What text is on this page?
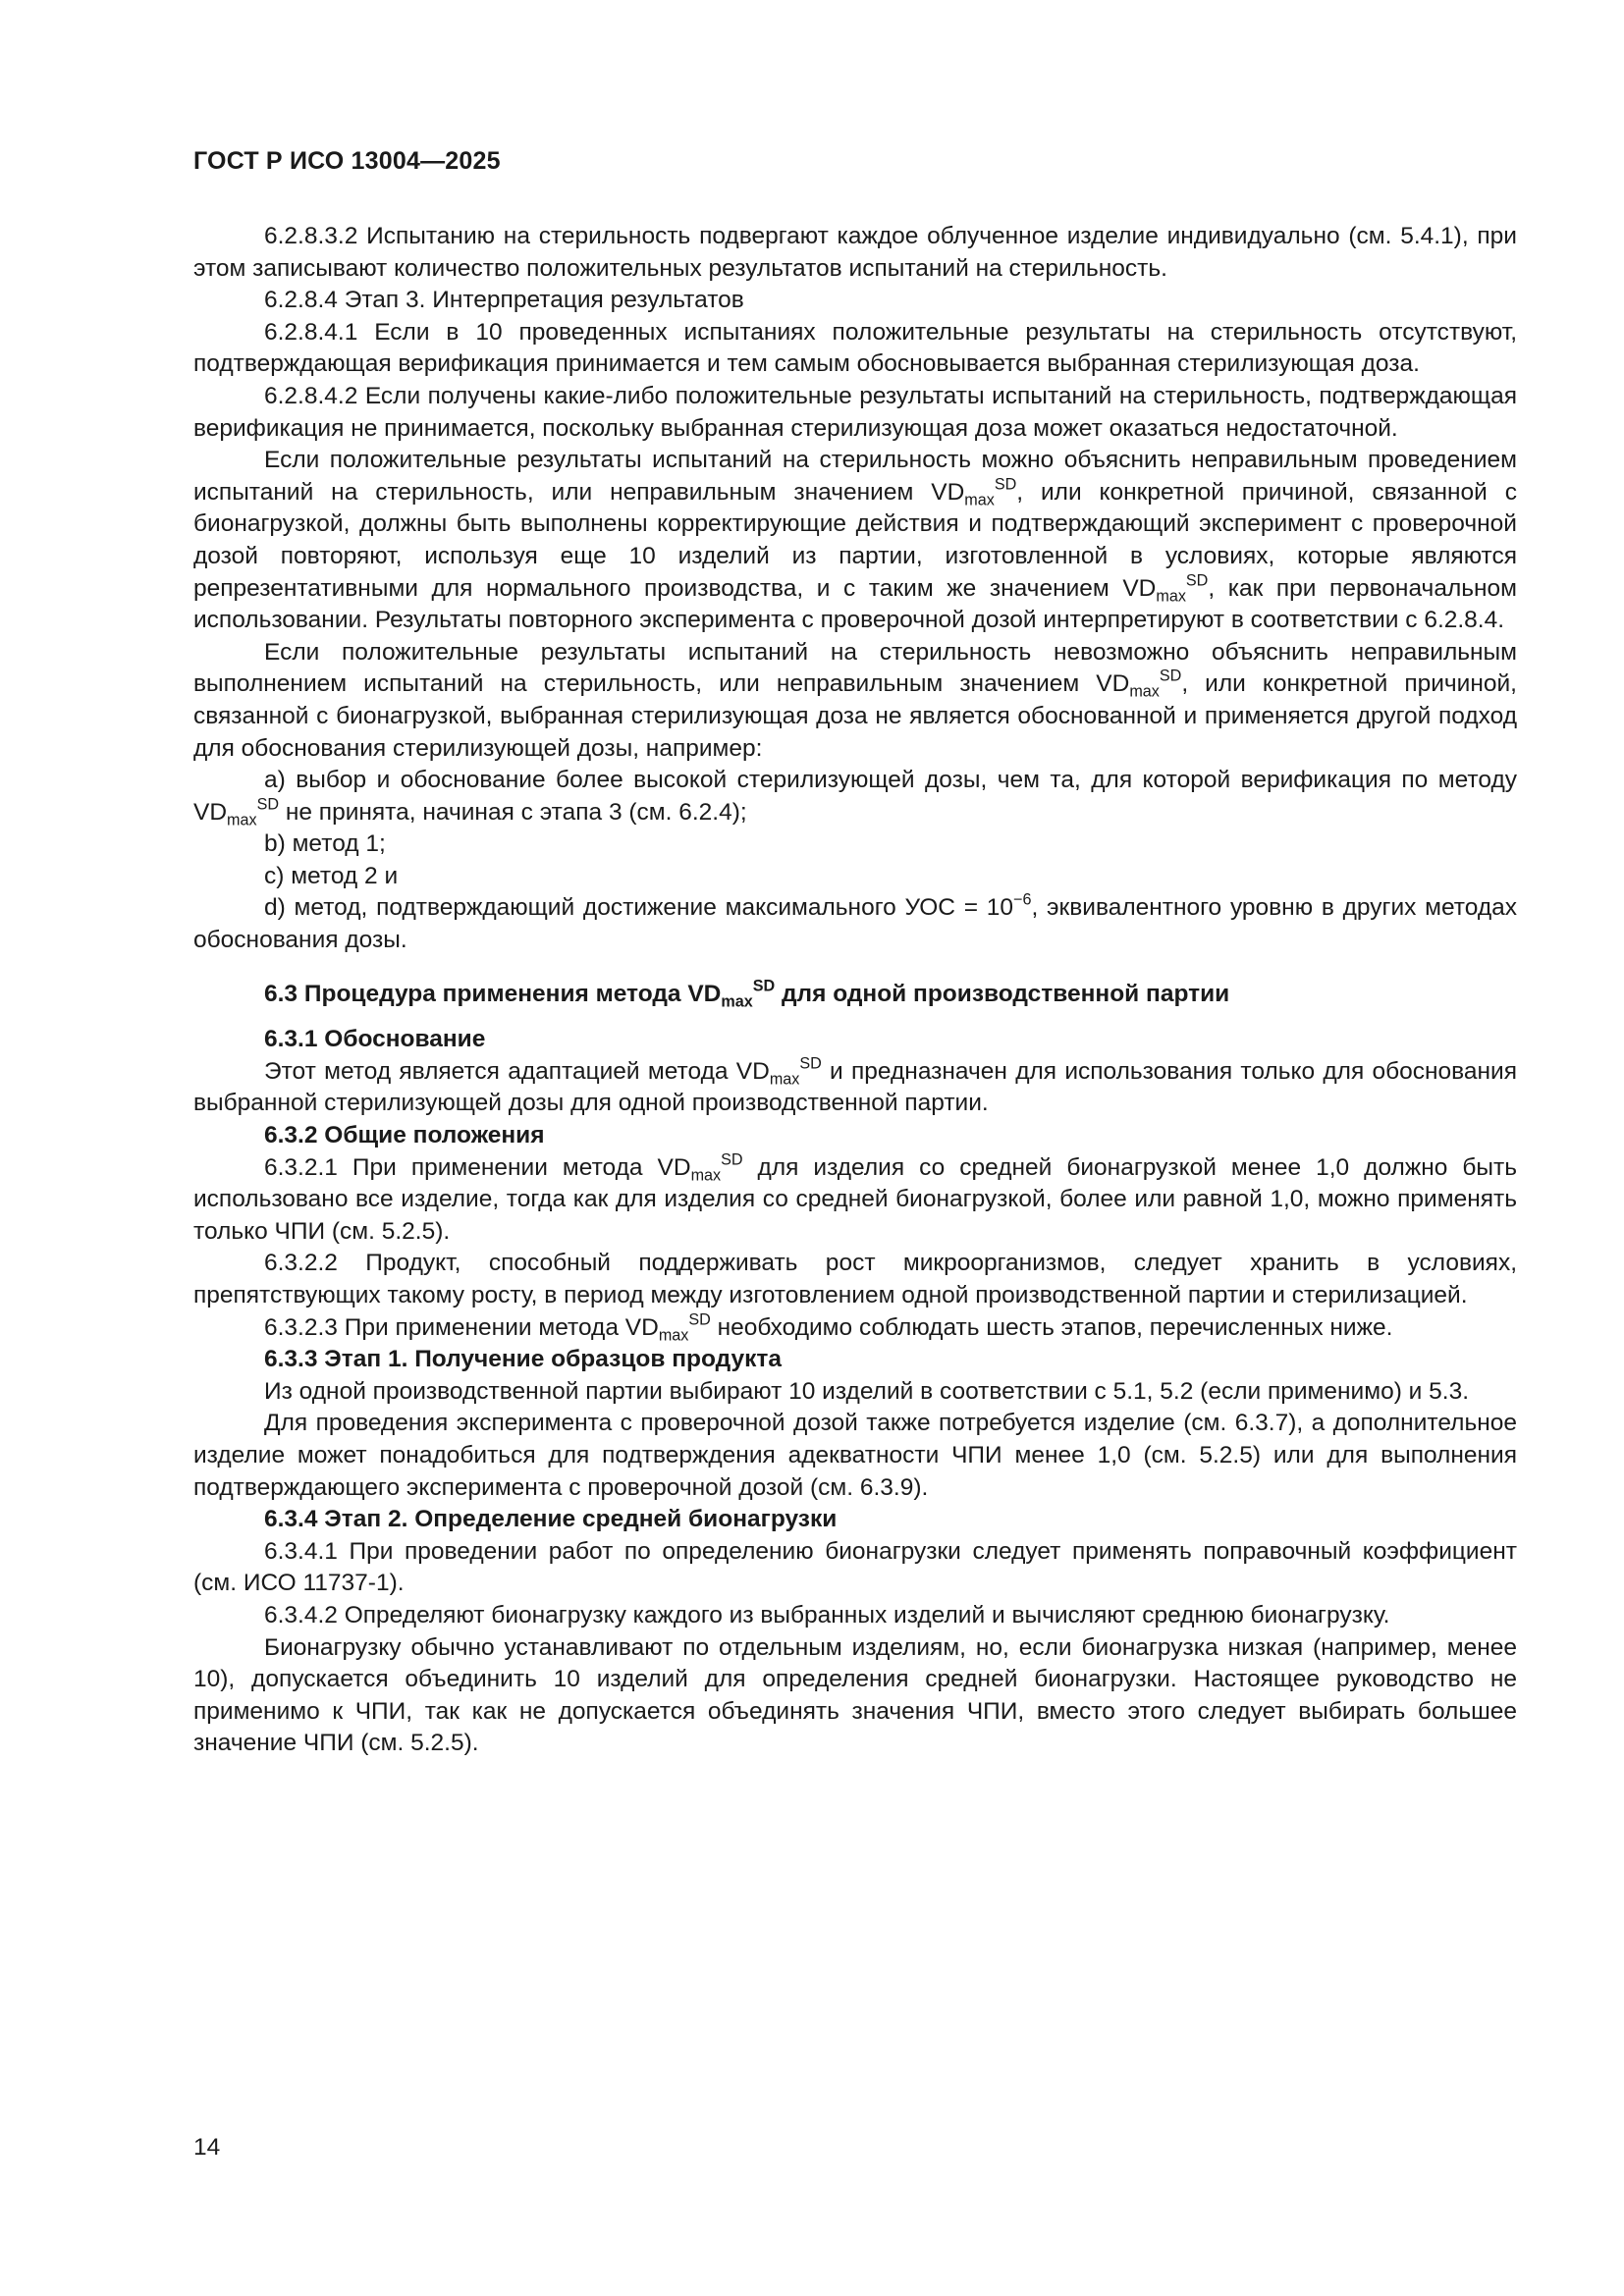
ГОСТ Р ИСО 13004—2025

6.2.8.3.2 Испытанию на стерильность подвергают каждое облученное изделие индивидуально (см. 5.4.1), при этом записывают количество положительных результатов испытаний на стерильность.

6.2.8.4 Этап 3. Интерпретация результатов

6.2.8.4.1 Если в 10 проведенных испытаниях положительные результаты на стерильность отсутствуют, подтверждающая верификация принимается и тем самым обосновывается выбранная стерилизующая доза.

6.2.8.4.2 Если получены какие-либо положительные результаты испытаний на стерильность, подтверждающая верификация не принимается, поскольку выбранная стерилизующая доза может оказаться недостаточной.

Если положительные результаты испытаний на стерильность можно объяснить неправильным проведением испытаний на стерильность, или неправильным значением $VD_{max}^{SD}$, или конкретной причиной, связанной с бионагрузкой, должны быть выполнены корректирующие действия и подтверждающий эксперимент с проверочной дозой повторяют, используя еще 10 изделий из партии, изготовленной в условиях, которые являются репрезентативными для нормального производства, и с таким же значением $VD_{max}^{SD}$, как при первоначальном использовании. Результаты повторного эксперимента с проверочной дозой интерпретируют в соответствии с 6.2.8.4.

Если положительные результаты испытаний на стерильность невозможно объяснить неправильным выполнением испытаний на стерильность, или неправильным значением $VD_{max}^{SD}$, или конкретной причиной, связанной с бионагрузкой, выбранная стерилизующая доза не является обоснованной и применяется другой подход для обоснования стерилизующей дозы, например:

a) выбор и обоснование более высокой стерилизующей дозы, чем та, для которой верификация по методу $VD_{max}^{SD}$ не принята, начиная с этапа 3 (см. 6.2.4);

b) метод 1;

c) метод 2 и

d) метод, подтверждающий достижение максимального УОС = $10^{-6}$, эквивалентного уровню в других методах обоснования дозы.

6.3 Процедура применения метода $VD_{max}^{SD}$ для одной производственной партии

6.3.1 Обоснование

Этот метод является адаптацией метода $VD_{max}^{SD}$ и предназначен для использования только для обоснования выбранной стерилизующей дозы для одной производственной партии.

6.3.2 Общие положения

6.3.2.1 При применении метода $VD_{max}^{SD}$ для изделия со средней бионагрузкой менее 1,0 должно быть использовано все изделие, тогда как для изделия со средней бионагрузкой, более или равной 1,0, можно применять только ЧПИ (см. 5.2.5).

6.3.2.2 Продукт, способный поддерживать рост микроорганизмов, следует хранить в условиях, препятствующих такому росту, в период между изготовлением одной производственной партии и стерилизацией.

6.3.2.3 При применении метода $VD_{max}^{SD}$ необходимо соблюдать шесть этапов, перечисленных ниже.

6.3.3 Этап 1. Получение образцов продукта

Из одной производственной партии выбирают 10 изделий в соответствии с 5.1, 5.2 (если применимо) и 5.3.

Для проведения эксперимента с проверочной дозой также потребуется изделие (см. 6.3.7), а дополнительное изделие может понадобиться для подтверждения адекватности ЧПИ менее 1,0 (см. 5.2.5) или для выполнения подтверждающего эксперимента с проверочной дозой (см. 6.3.9).

6.3.4 Этап 2. Определение средней бионагрузки

6.3.4.1 При проведении работ по определению бионагрузки следует применять поправочный коэффициент (см. ИСО 11737-1).

6.3.4.2 Определяют бионагрузку каждого из выбранных изделий и вычисляют среднюю бионагрузку.

Бионагрузку обычно устанавливают по отдельным изделиям, но, если бионагрузка низкая (например, менее 10), допускается объединить 10 изделий для определения средней бионагрузки. Настоящее руководство не применимо к ЧПИ, так как не допускается объединять значения ЧПИ, вместо этого следует выбирать большее значение ЧПИ (см. 5.2.5).

14
